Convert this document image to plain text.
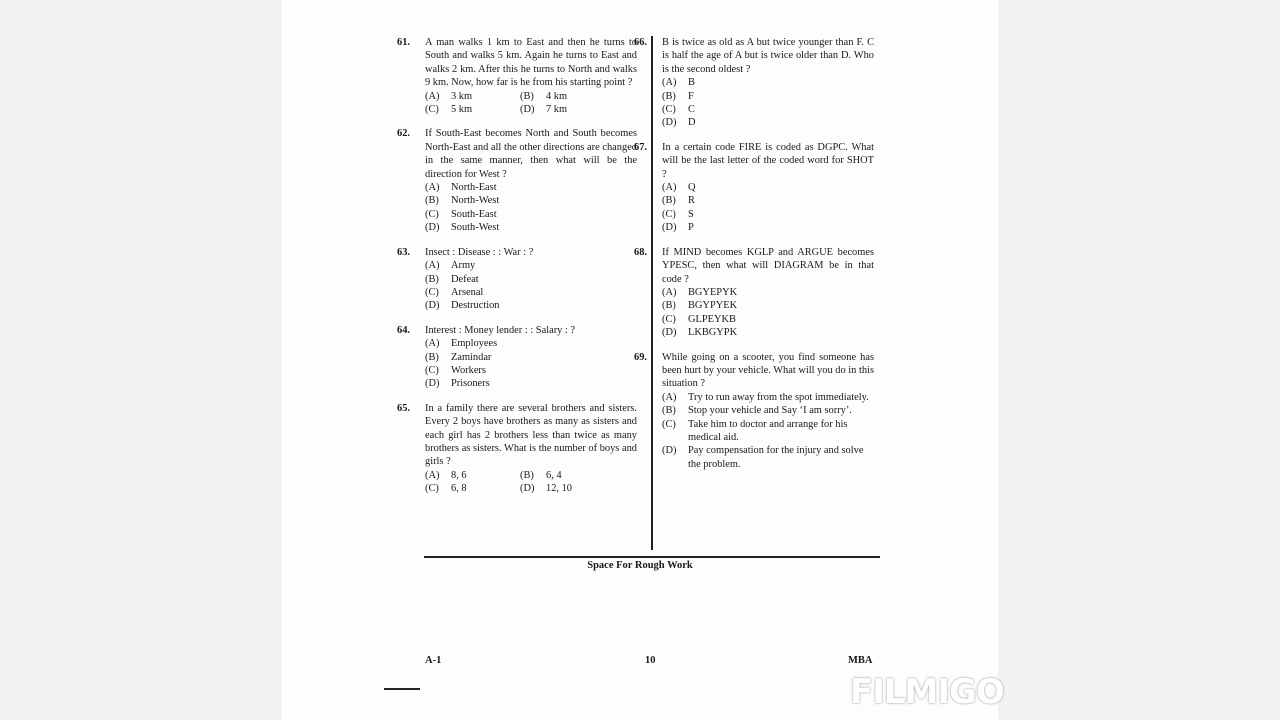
61.	A man walks 1 km to East and then he turns to South and walks 5 km. Again he turns to East and walks 2 km. After this he turns to North and walks 9 km. Now, how far is he from his starting point ?
(A)	3 km	(B)	4 km
(C)	5 km	(D)	7 km
62.	If South-East becomes North and South becomes North-East and all the other directions are changed in the same manner, then what will be the direction for West ?
(A)	North-East
(B)	North-West
(C)	South-East
(D)	South-West
63.	Insect : Disease : : War : ?
(A)	Army
(B)	Defeat
(C)	Arsenal
(D)	Destruction
64.	Interest : Money lender : : Salary : ?
(A)	Employees
(B)	Zamindar
(C)	Workers
(D)	Prisoners
65.	In a family there are several brothers and sisters. Every 2 boys have brothers as many as sisters and each girl has 2 brothers less than twice as many brothers as sisters. What is the number of boys and girls ?
(A)	8, 6	(B)	6, 4
(C)	6, 8	(D)	12, 10
66.	B is twice as old as A but twice younger than F. C is half the age of A but is twice older than D. Who is the second oldest ?
(A)	B
(B)	F
(C)	C
(D)	D
67.	In a certain code FIRE is coded as DGPC. What will be the last letter of the coded word for SHOT ?
(A)	Q
(B)	R
(C)	S
(D)	P
68.	If MIND becomes KGLP and ARGUE becomes YPESC, then what will DIAGRAM be in that code ?
(A)	BGYEPYK
(B)	BGYPYEK
(C)	GLPEYKB
(D)	LKBGYPK
69.	While going on a scooter, you find someone has been hurt by your vehicle. What will you do in this situation ?
(A)	Try to run away from the spot immediately.
(B)	Stop your vehicle and Say ‘I am sorry’.
(C)	Take him to doctor and arrange for his medical aid.
(D)	Pay compensation for the injury and solve the problem.
Space For Rough Work
A-1	10	MBA
FILMIGO
